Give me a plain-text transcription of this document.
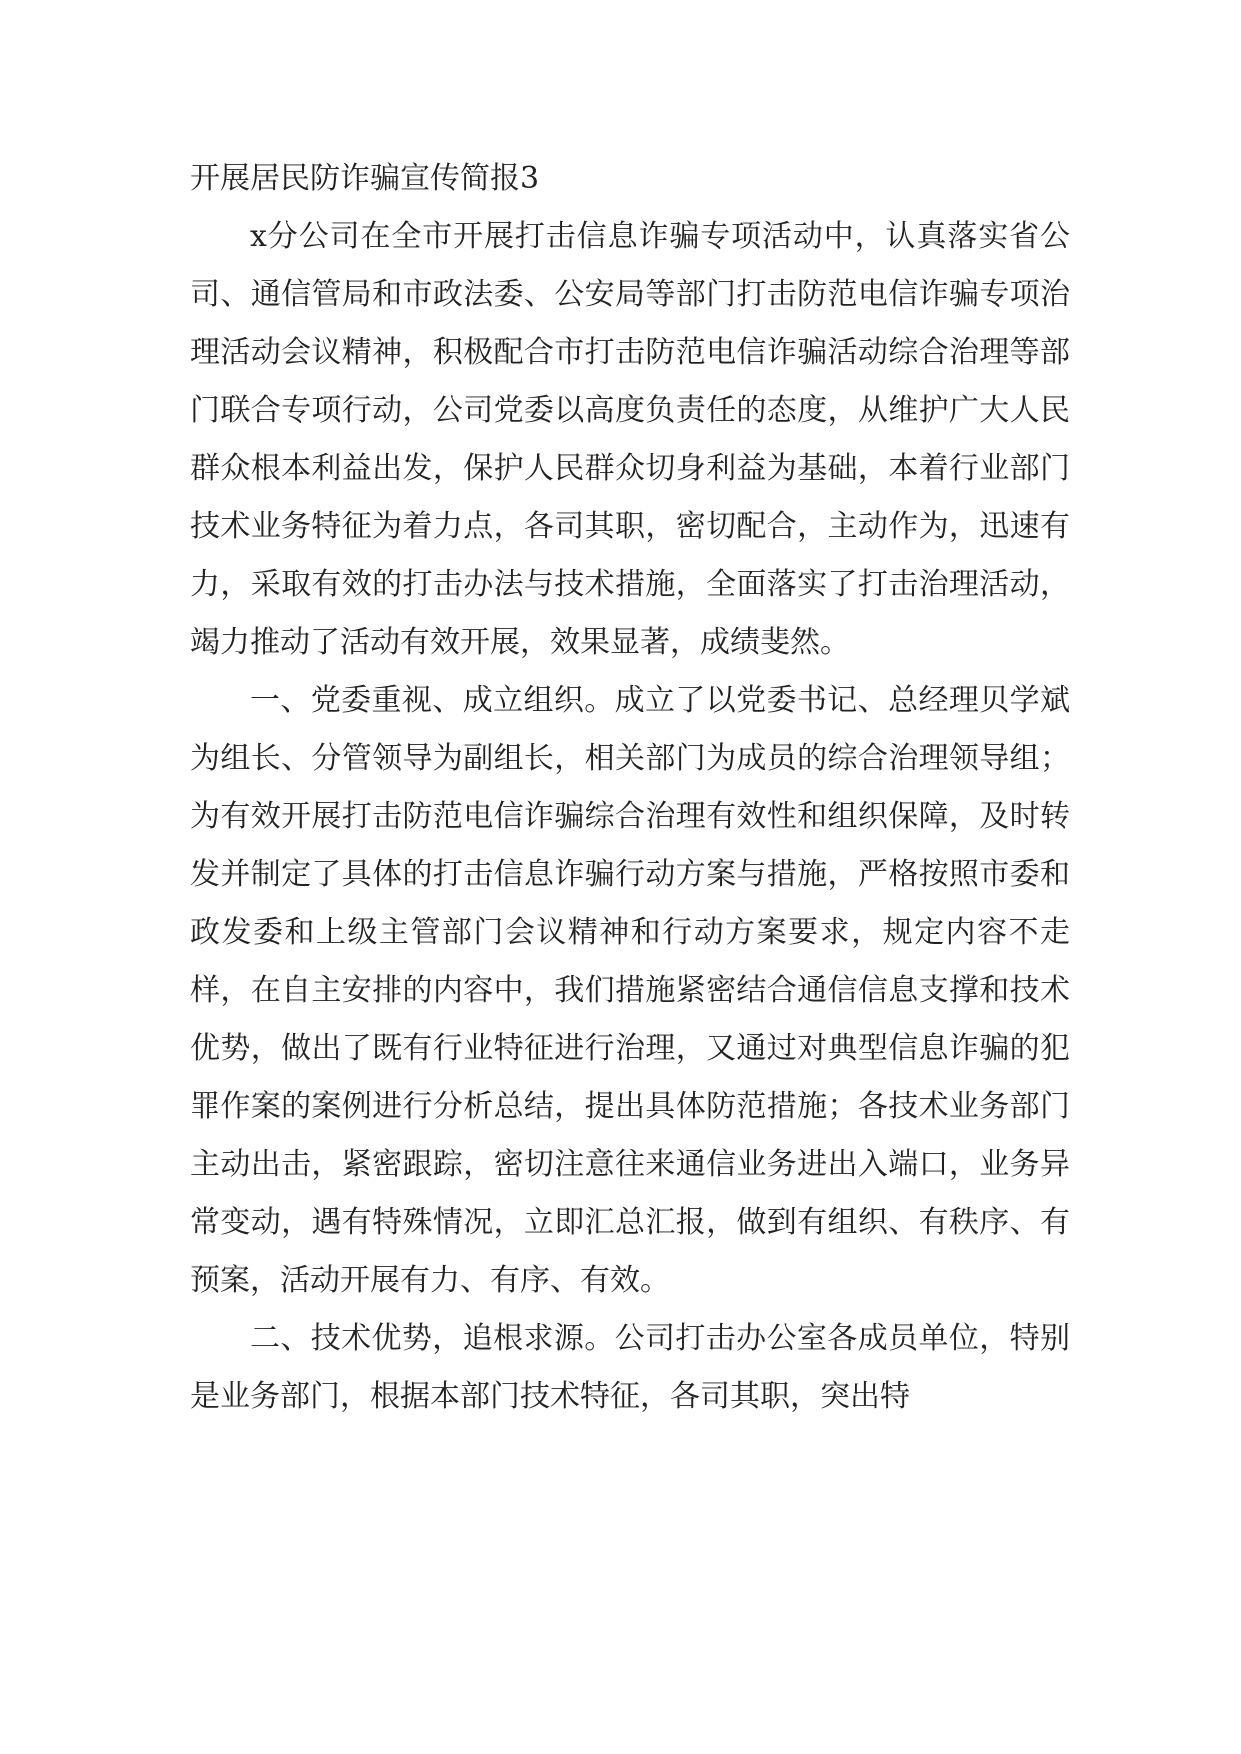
开展居民防诈骗宣传简报3

x分公司在全市开展打击信息诈骗专项活动中，认真落实省公司、通信管局和市政法委、公安局等部门打击防范电信诈骗专项治理活动会议精神，积极配合市打击防范电信诈骗活动综合治理等部门联合专项行动，公司党委以高度负责任的态度，从维护广大人民群众根本利益出发，保护人民群众切身利益为基础，本着行业部门技术业务特征为着力点，各司其职，密切配合，主动作为，迅速有力，采取有效的打击办法与技术措施，全面落实了打击治理活动，竭力推动了活动有效开展，效果显著，成绩斐然。

一、党委重视、成立组织。成立了以党委书记、总经理贝学斌为组长、分管领导为副组长，相关部门为成员的综合治理领导组；为有效开展打击防范电信诈骗综合治理有效性和组织保障，及时转发并制定了具体的打击信息诈骗行动方案与措施，严格按照市委和政发委和上级主管部门会议精神和行动方案要求，规定内容不走样，在自主安排的内容中，我们措施紧密结合通信信息支撑和技术优势，做出了既有行业特征进行治理，又通过对典型信息诈骗的犯罪作案的案例进行分析总结，提出具体防范措施；各技术业务部门主动出击，紧密跟踪，密切注意往来通信业务进出入端口，业务异常变动，遇有特殊情况，立即汇总汇报，做到有组织、有秩序、有预案，活动开展有力、有序、有效。

二、技术优势，追根求源。公司打击办公室各成员单位，特别是业务部门，根据本部门技术特征，各司其职，突出特
